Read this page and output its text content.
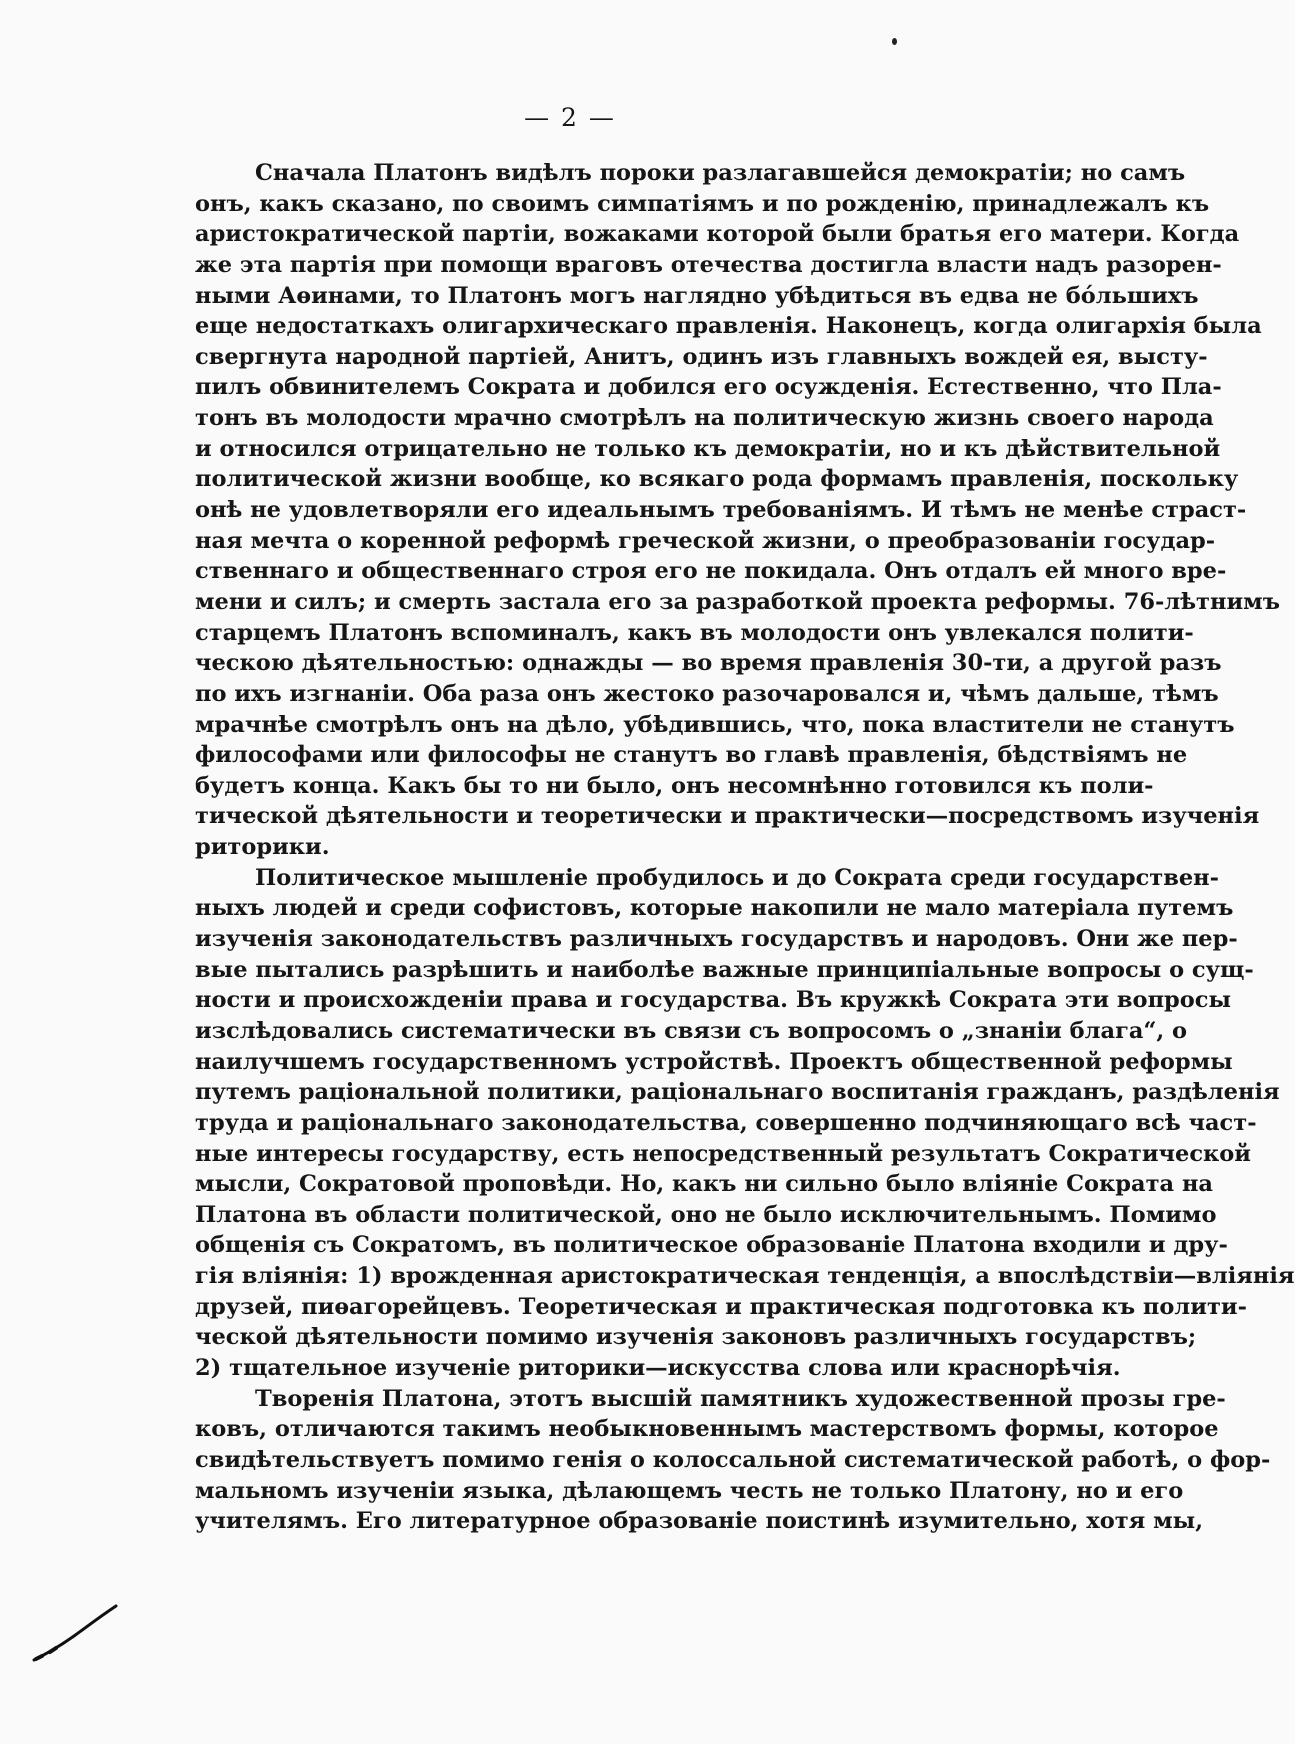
— 2 —
Сначала Платонъ видѣлъ пороки разлагавшейся демократіи; но самъ
онъ, какъ сказано, по своимъ симпатіямъ и по рожденію, принадлежалъ къ
аристократической партіи, вожаками которой были братья его матери. Когда
же эта партія при помощи враговъ отечества достигла власти надъ разорен-
ными Аѳинами, то Платонъ могъ наглядно убѣдиться въ едва не бо́льшихъ
еще недостаткахъ олигархическаго правленія. Наконецъ, когда олигархія была
свергнута народной партіей, Анитъ, одинъ изъ главныхъ вождей ея, высту-
пилъ обвинителемъ Сократа и добился его осужденія. Естественно, что Пла-
тонъ въ молодости мрачно смотрѣлъ на политическую жизнь своего народа
и относился отрицательно не только къ демократіи, но и къ дѣйствительной
политической жизни вообще, ко всякаго рода формамъ правленія, поскольку
онѣ не удовлетворяли его идеальнымъ требованіямъ. И тѣмъ не менѣе страст-
ная мечта о коренной реформѣ греческой жизни, о преобразованіи государ-
ственнаго и общественнаго строя его не покидала. Онъ отдалъ ей много вре-
мени и силъ; и смерть застала его за разработкой проекта реформы. 76-лѣтнимъ
старцемъ Платонъ вспоминалъ, какъ въ молодости онъ увлекался полити-
ческою дѣятельностью: однажды — во время правленія 30-ти, а другой разъ
по ихъ изгнаніи. Оба раза онъ жестоко разочаровался и, чѣмъ дальше, тѣмъ
мрачнѣе смотрѣлъ онъ на дѣло, убѣдившись, что, пока властители не станутъ
философами или философы не станутъ во главѣ правленія, бѣдствіямъ не
будетъ конца. Какъ бы то ни было, онъ несомнѣнно готовился къ поли-
тической дѣятельности и теоретически и практически—посредствомъ изученія
риторики.
Политическое мышленіе пробудилось и до Сократа среди государствен-
ныхъ людей и среди софистовъ, которые накопили не мало матеріала путемъ
изученія законодательствъ различныхъ государствъ и народовъ. Они же пер-
вые пытались разрѣшить и наиболѣе важные принципіальные вопросы о сущ-
ности и происхожденіи права и государства. Въ кружкѣ Сократа эти вопросы
изслѣдовались систематически въ связи съ вопросомъ о „знаніи блага“, о
наилучшемъ государственномъ устройствѣ. Проектъ общественной реформы
путемъ раціональной политики, раціональнаго воспитанія гражданъ, раздѣленія
труда и раціональнаго законодательства, совершенно подчиняющаго всѣ част-
ные интересы государству, есть непосредственный результатъ Сократической
мысли, Сократовой проповѣди. Но, какъ ни сильно было вліяніе Сократа на
Платона въ области политической, оно не было исключительнымъ. Помимо
общенія съ Сократомъ, въ политическое образованіе Платона входили и дру-
гія вліянія: 1) врожденная аристократическая тенденція, а впослѣдствіи—вліянія
друзей, пиѳагорейцевъ. Теоретическая и практическая подготовка къ полити-
ческой дѣятельности помимо изученія законовъ различныхъ государствъ;
2) тщательное изученіе риторики—искусства слова или краснорѣчія.
Творенія Платона, этотъ высшій памятникъ художественной прозы гре-
ковъ, отличаются такимъ необыкновеннымъ мастерствомъ формы, которое
свидѣтельствуетъ помимо генія о колоссальной систематической работѣ, о фор-
мальномъ изученіи языка, дѣлающемъ честь не только Платону, но и его
учителямъ. Его литературное образованіе поистинѣ изумительно, хотя мы,
